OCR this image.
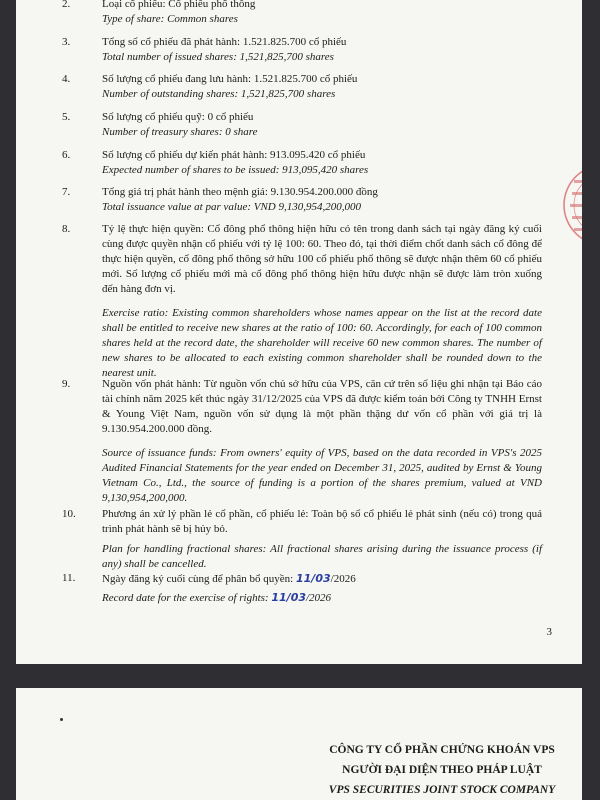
2.	Loại cổ phiếu: Cổ phiếu phổ thông

Type of share: Common shares

3.	Tổng số cổ phiếu đã phát hành: 1.521.825.700 cổ phiếu

Total number of issued shares: 1,521,825,700 shares

4.	Số lượng cổ phiếu đang lưu hành: 1.521.825.700 cổ phiếu

Number of outstanding shares: 1,521,825,700 shares

5.	Số lượng cổ phiếu quỹ: 0 cổ phiếu

Number of treasury shares: 0 share

6.	Số lượng cổ phiếu dự kiến phát hành: 913.095.420 cổ phiếu

Expected number of shares to be issued: 913,095,420 shares

7.	Tổng giá trị phát hành theo mệnh giá: 9.130.954.200.000 đồng

Total issuance value at par value: VND 9,130,954,200,000

8.	Tỷ lệ thực hiện quyền: Cổ đông phổ thông hiện hữu có tên trong danh sách tại ngày đăng ký cuối cùng được quyền nhận cổ phiếu với tỷ lệ 100: 60. Theo đó, tại thời điểm chốt danh sách cổ đông để thực hiện quyền, cổ đông phổ thông sở hữu 100 cổ phiếu phổ thông sẽ được nhận thêm 60 cổ phiếu mới. Số lượng cổ phiếu mới mà cổ đông phổ thông hiện hữu được nhận sẽ được làm tròn xuống đến hàng đơn vị.

Exercise ratio: Existing common shareholders whose names appear on the list at the record date shall be entitled to receive new shares at the ratio of 100: 60. Accordingly, for each of 100 common shares held at the record date, the shareholder will receive 60 new common shares. The number of new shares to be allocated to each existing common shareholder shall be rounded down to the nearest unit.

9.	Nguồn vốn phát hành: Từ nguồn vốn chủ sở hữu của VPS, căn cứ trên số liệu ghi nhận tại Báo cáo tài chính năm 2025 kết thúc ngày 31/12/2025 của VPS đã được kiểm toán bởi Công ty TNHH Ernst & Young Việt Nam, nguồn vốn sử dụng là một phần thặng dư vốn cổ phần với giá trị là 9.130.954.200.000 đồng.

Source of issuance funds: From owners' equity of VPS, based on the data recorded in VPS's 2025 Audited Financial Statements for the year ended on December 31, 2025, audited by Ernst & Young Vietnam Co., Ltd., the source of funding is a portion of the shares premium, valued at VND 9,130,954,200,000.

10.	Phương án xử lý phần lẻ cổ phần, cổ phiếu lẻ: Toàn bộ số cổ phiếu lẻ phát sinh (nếu có) trong quá trình phát hành sẽ bị hủy bỏ.

Plan for handling fractional shares: All fractional shares arising during the issuance process (if any) shall be cancelled.

11.	Ngày đăng ký cuối cùng để phân bổ quyền: 11/03/2026

Record date for the exercise of rights: 11/03/2026

3
CÔNG TY CỔ PHẦN CHỨNG KHOÁN VPS
NGƯỜI ĐẠI DIỆN THEO PHÁP LUẬT
VPS SECURITIES JOINT STOCK COMPANY
